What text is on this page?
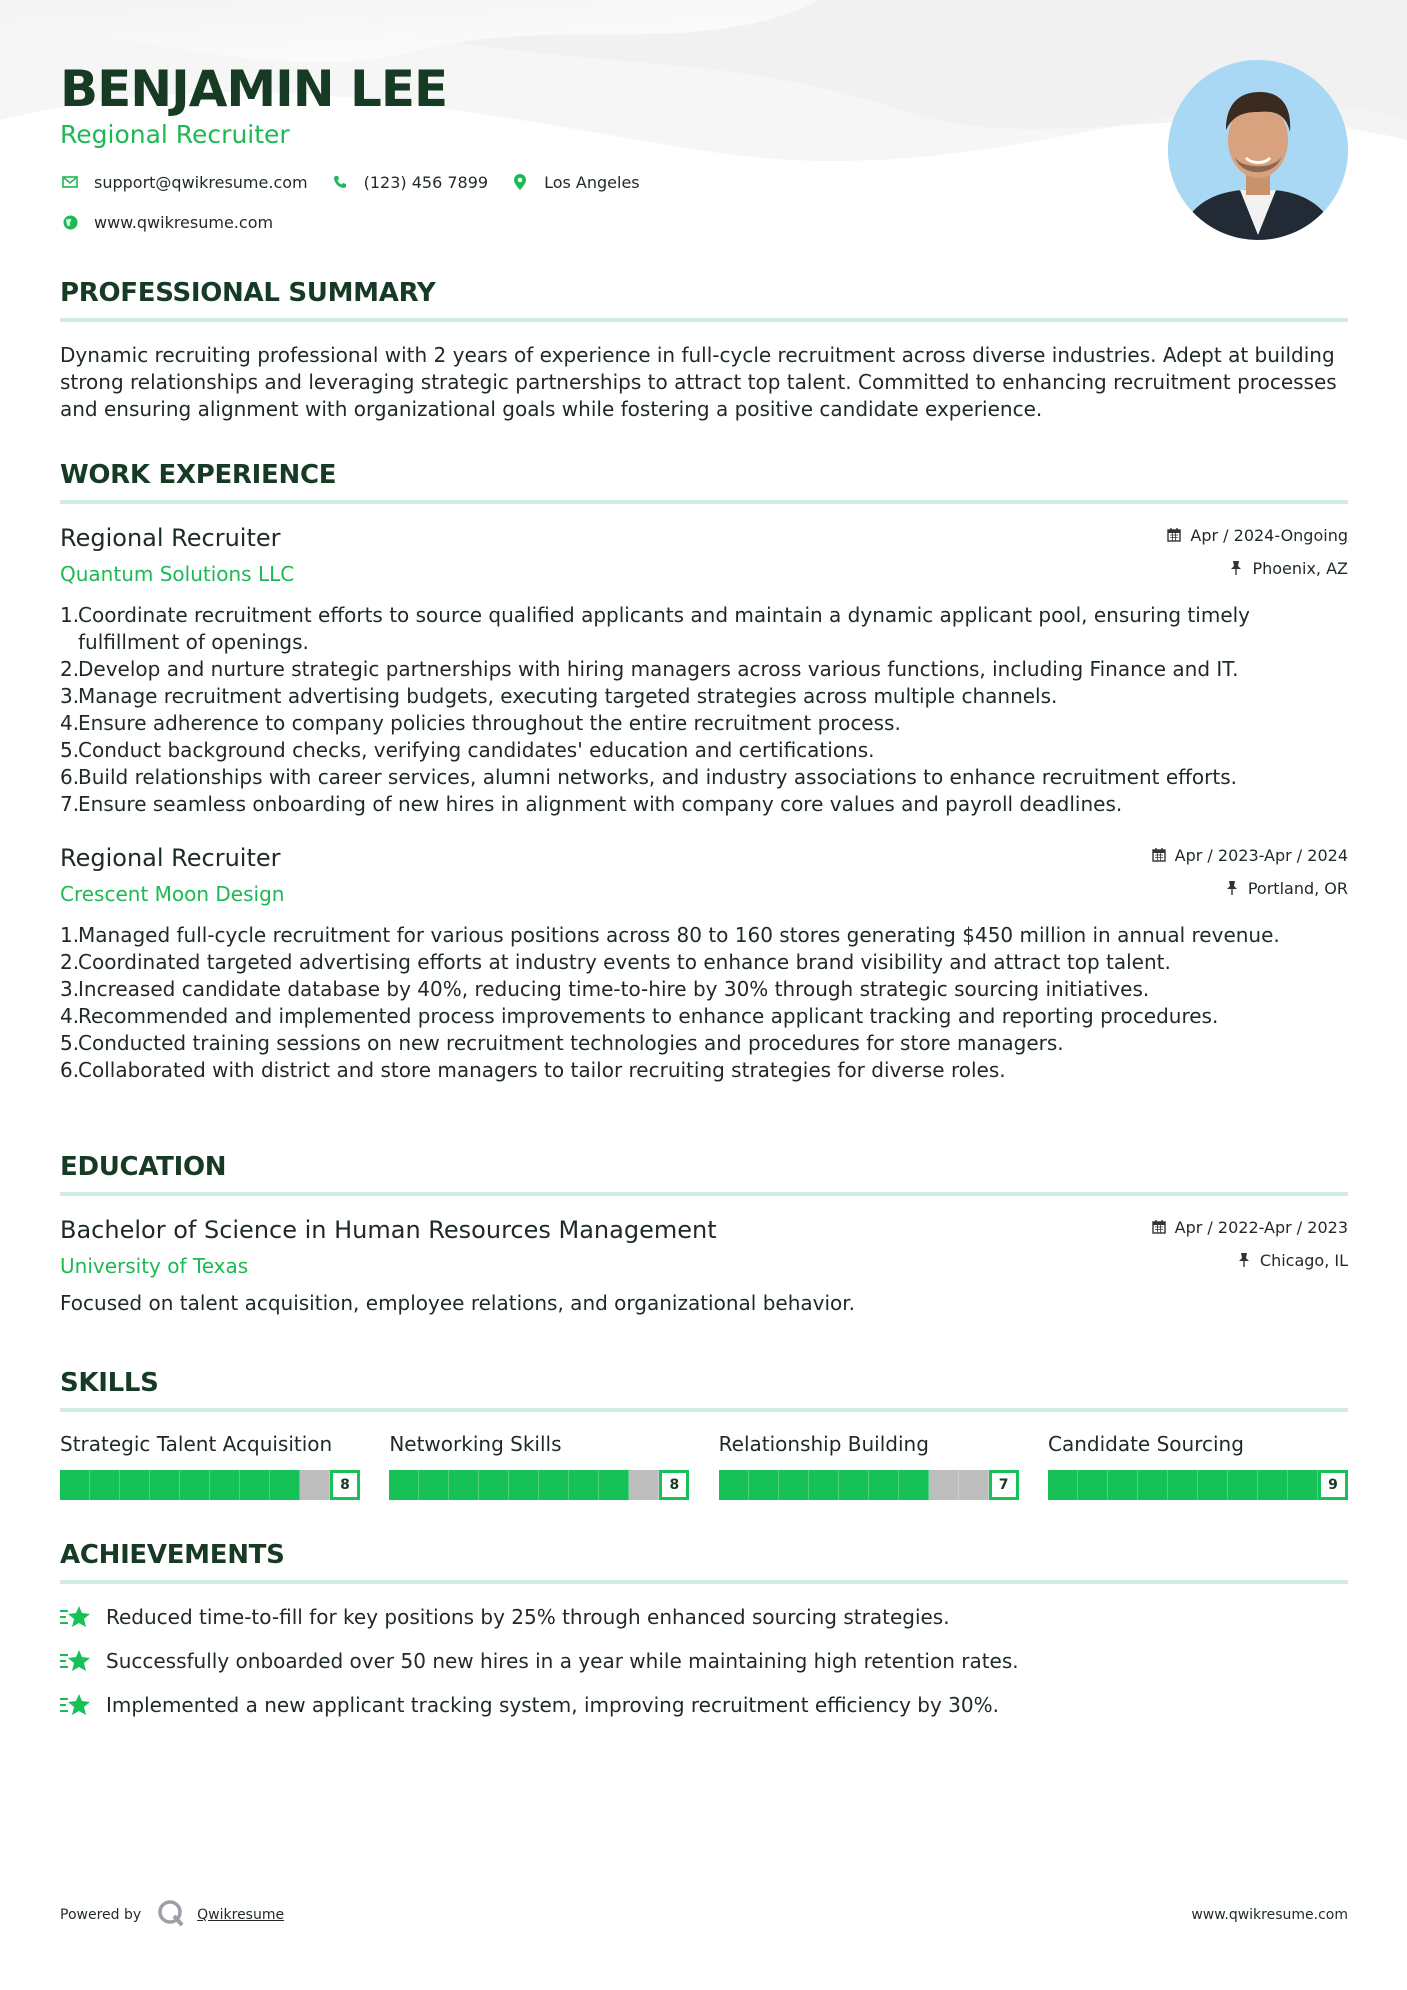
BENJAMIN LEE
Regional Recruiter
support@qwikresume.com	(123) 456 7899	Los Angeles
www.qwikresume.com
PROFESSIONAL SUMMARY
Dynamic recruiting professional with 2 years of experience in full-cycle recruitment across diverse industries. Adept at building strong relationships and leveraging strategic partnerships to attract top talent. Committed to enhancing recruitment processes and ensuring alignment with organizational goals while fostering a positive candidate experience.
WORK EXPERIENCE
Regional Recruiter
Quantum Solutions LLC
Apr / 2024-Ongoing
Phoenix, AZ
1.
Coordinate recruitment efforts to source qualified applicants and maintain a dynamic applicant pool, ensuring timely fulfillment of openings.
2.
Develop and nurture strategic partnerships with hiring managers across various functions, including Finance and IT.
3.
Manage recruitment advertising budgets, executing targeted strategies across multiple channels.
4.
Ensure adherence to company policies throughout the entire recruitment process.
5.
Conduct background checks, verifying candidates' education and certifications.
6.
Build relationships with career services, alumni networks, and industry associations to enhance recruitment efforts.
7.
Ensure seamless onboarding of new hires in alignment with company core values and payroll deadlines.
Regional Recruiter
Crescent Moon Design
Apr / 2023-Apr / 2024
Portland, OR
1.
Managed full-cycle recruitment for various positions across 80 to 160 stores generating $450 million in annual revenue.
2.
Coordinated targeted advertising efforts at industry events to enhance brand visibility and attract top talent.
3.
Increased candidate database by 40%, reducing time-to-hire by 30% through strategic sourcing initiatives.
4.
Recommended and implemented process improvements to enhance applicant tracking and reporting procedures.
5.
Conducted training sessions on new recruitment technologies and procedures for store managers.
6.
Collaborated with district and store managers to tailor recruiting strategies for diverse roles.
EDUCATION
Bachelor of Science in Human Resources Management
University of Texas
Apr / 2022-Apr / 2023
Chicago, IL
Focused on talent acquisition, employee relations, and organizational behavior.
SKILLS
Strategic Talent Acquisition
8
Networking Skills
8
Relationship Building
7
Candidate Sourcing
9
ACHIEVEMENTS
Reduced time-to-fill for key positions by 25% through enhanced sourcing strategies.
Successfully onboarded over 50 new hires in a year while maintaining high retention rates.
Implemented a new applicant tracking system, improving recruitment efficiency by 30%.
Powered by	Qwikresume	www.qwikresume.com
